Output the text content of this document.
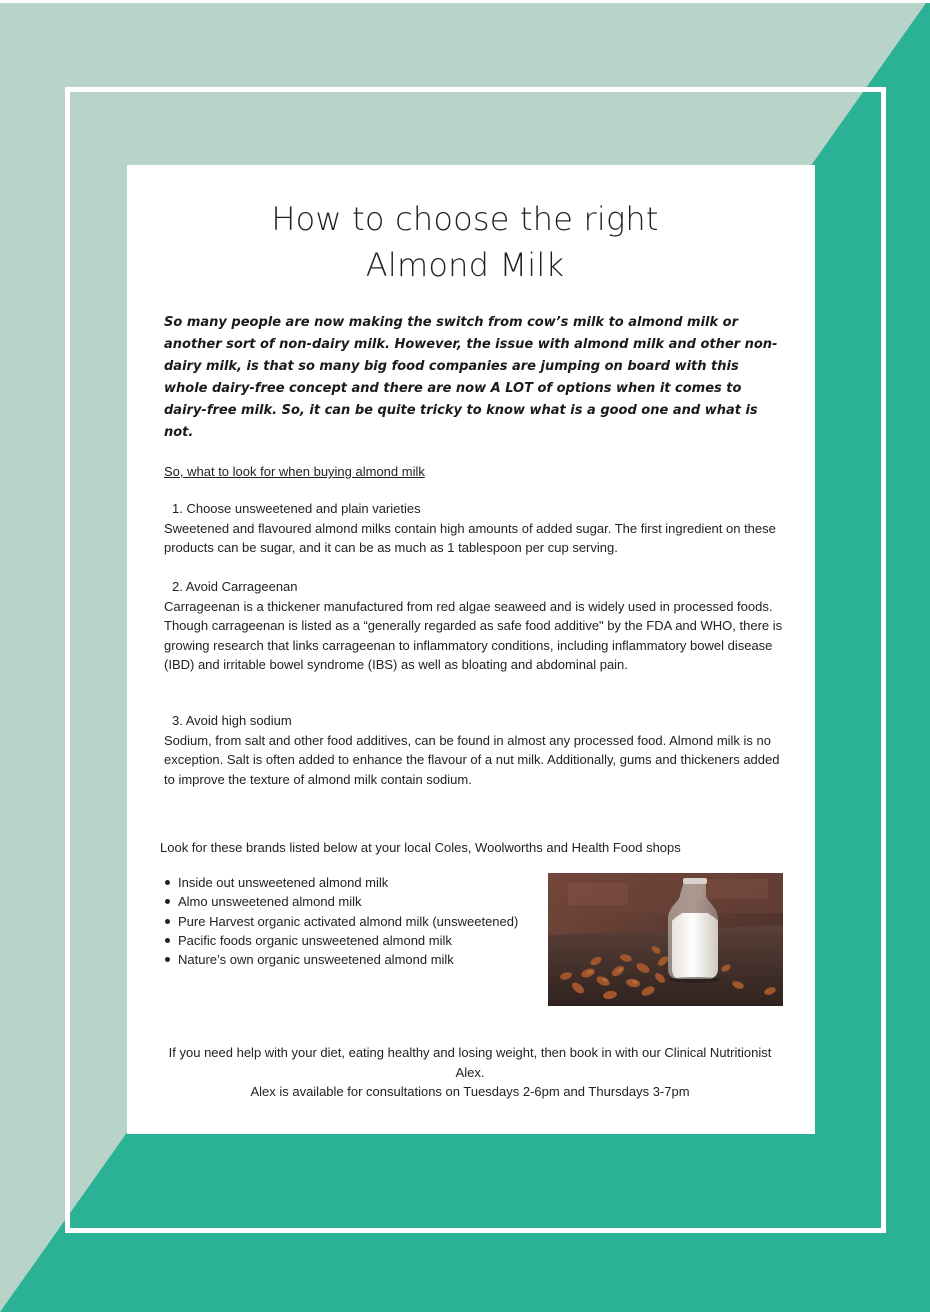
How to choose the right
Almond Milk

So many people are now making the switch from cow’s milk to almond milk or another sort of non-dairy milk. However, the issue with almond milk and other non-dairy milk, is that so many big food companies are jumping on board with this whole dairy-free concept and there are now A LOT of options when it comes to dairy-free milk. So, it can be quite tricky to know what is a good one and what is not.

So, what to look for when buying almond milk
1. Choose unsweetened and plain varieties
Sweetened and flavoured almond milks contain high amounts of added sugar. The first ingredient on these products can be sugar, and it can be as much as 1 tablespoon per cup serving.
2. Avoid Carrageenan
Carrageenan is a thickener manufactured from red algae seaweed and is widely used in processed foods. Though carrageenan is listed as a “generally regarded as safe food additive" by the FDA and WHO, there is growing research that links carrageenan to inflammatory conditions, including inflammatory bowel disease (IBD) and irritable bowel syndrome (IBS) as well as bloating and abdominal pain.
3. Avoid high sodium
Sodium, from salt and other food additives, can be found in almost any processed food. Almond milk is no exception. Salt is often added to enhance the flavour of a nut milk. Additionally, gums and thickeners added to improve the texture of almond milk contain sodium.
Look for these brands listed below at your local Coles, Woolworths and Health Food shops
Inside out unsweetened almond milk
Almo unsweetened almond milk
Pure Harvest organic activated almond milk (unsweetened)
Pacific foods organic unsweetened almond milk
Nature’s own organic unsweetened almond milk
If you need help with your diet, eating healthy and losing weight, then book in with our Clinical Nutritionist Alex.
Alex is available for consultations on Tuesdays 2-6pm and Thursdays 3-7pm
